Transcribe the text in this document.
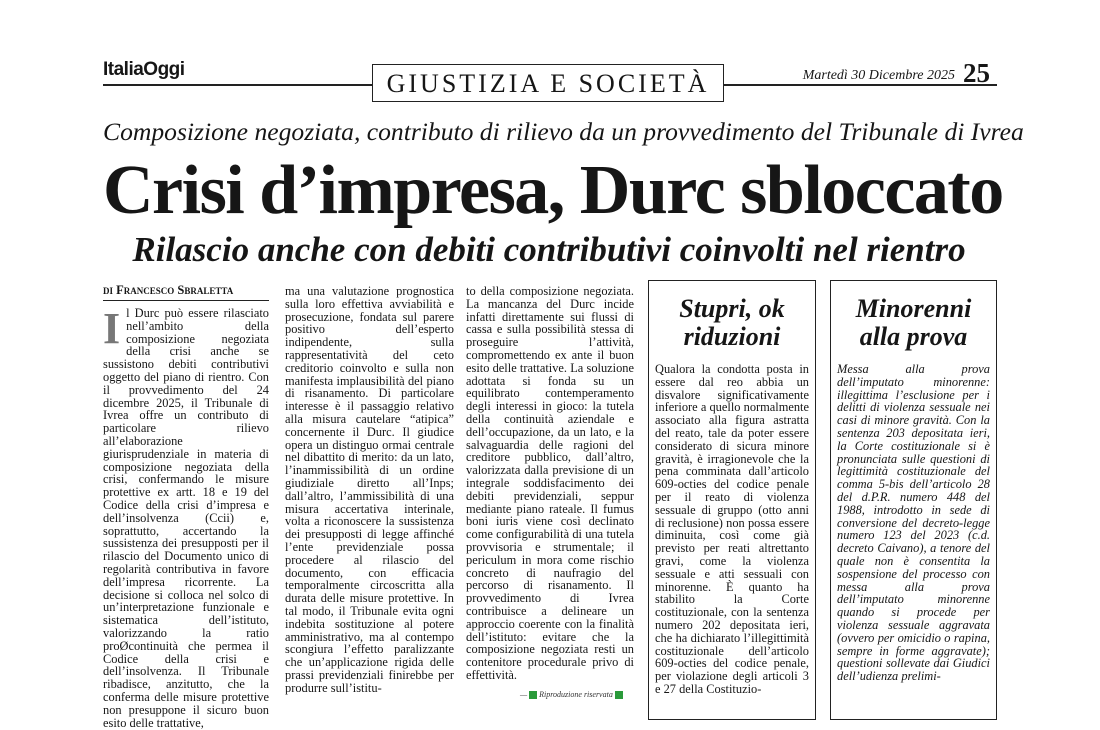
ItaliaOggi	GIUSTIZIA E SOCIETÀ	Martedì 30 Dicembre 2025 25
Composizione negoziata, contributo di rilievo da un provvedimento del Tribunale di Ivrea
Crisi d’impresa, Durc sbloccato
Rilascio anche con debiti contributivi coinvolti nel rientro
di Francesco Sbraletta
I l Durc può essere rilasciato nell’ambito della composizione negoziata della crisi anche se sussistono debiti contributivi oggetto del piano di rientro. Con il provvedimento del 24 dicembre 2025, il Tribunale di Ivrea offre un contributo di particolare rilievo all’elaborazione giurisprudenziale in materia di composizione negoziata della crisi, confermando le misure protettive ex artt. 18 e 19 del Codice della crisi d’impresa e dell’insolvenza (Ccii) e, soprattutto, accertando la sussistenza dei presupposti per il rilascio del Documento unico di regolarità contributiva in favore dell’impresa ricorrente. La decisione si colloca nel solco di un’interpretazione funzionale e sistematica dell’istituto, valorizzando la ratio proØcontinuità che permea il Codice della crisi e dell’insolvenza. Il Tribunale ribadisce, anzitutto, che la conferma delle misure protettive non presuppone il sicuro buon esito delle trattative,

ma una valutazione prognostica sulla loro effettiva avviabilità e prosecuzione, fondata sul parere positivo dell’esperto indipendente, sulla rappresentatività del ceto creditorio coinvolto e sulla non manifesta implausibilità del piano di risanamento. Di particolare interesse è il passaggio relativo alla misura cautelare “atipica” concernente il Durc. Il giudice opera un distinguo ormai centrale nel dibattito di merito: da un lato, l’inammissibilità di un ordine giudiziale diretto all’Inps; dall’altro, l’ammissibilità di una misura accertativa interinale, volta a riconoscere la sussistenza dei presupposti di legge affinché l’ente previdenziale possa procedere al rilascio del documento, con efficacia temporalmente circoscritta alla durata delle misure protettive. In tal modo, il Tribunale evita ogni indebita sostituzione al potere amministrativo, ma al contempo scongiura l’effetto paralizzante che un’applicazione rigida delle prassi previdenziali finirebbe per produrre sull’istitu-

to della composizione negoziata. La mancanza del Durc incide infatti direttamente sui flussi di cassa e sulla possibilità stessa di proseguire l’attività, compromettendo ex ante il buon esito delle trattative. La soluzione adottata si fonda su un equilibrato contemperamento degli interessi in gioco: la tutela della continuità aziendale e dell’occupazione, da un lato, e la salvaguardia delle ragioni del creditore pubblico, dall’altro, valorizzata dalla previsione di un integrale soddisfacimento dei debiti previdenziali, seppur mediante piano rateale. Il fumus boni iuris viene così declinato come configurabilità di una tutela provvisoria e strumentale; il periculum in mora come rischio concreto di naufragio del percorso di risanamento. Il provvedimento di Ivrea contribuisce a delineare un approccio coerente con la finalità dell’istituto: evitare che la composizione negoziata resti un contenitore procedurale privo di effettività.

— Riproduzione riservata
Stupri, ok riduzioni
Qualora la condotta posta in essere dal reo abbia un disvalore significativamente inferiore a quello normalmente associato alla figura astratta del reato, tale da poter essere considerato di sicura minore gravità, è irragionevole che la pena comminata dall’articolo 609-octies del codice penale per il reato di violenza sessuale di gruppo (otto anni di reclusione) non possa essere diminuita, così come già previsto per reati altrettanto gravi, come la violenza sessuale e atti sessuali con minorenne. È quanto ha stabilito la Corte costituzionale, con la sentenza numero 202 depositata ieri, che ha dichiarato l’illegittimità costituzionale dell’articolo 609-octies del codice penale, per violazione degli articoli 3 e 27 della Costituzio-
Minorenni alla prova
Messa alla prova dell’imputato minorenne: illegittima l’esclusione per i delitti di violenza sessuale nei casi di minore gravità. Con la sentenza 203 depositata ieri, la Corte costituzionale si è pronunciata sulle questioni di legittimità costituzionale del comma 5-bis dell’articolo 28 del d.P.R. numero 448 del 1988, introdotto in sede di conversione del decreto-legge numero 123 del 2023 (c.d. decreto Caivano), a tenore del quale non è consentita la sospensione del processo con messa alla prova dell’imputato minorenne quando si procede per violenza sessuale aggravata (ovvero per omicidio o rapina, sempre in forme aggravate); questioni sollevate dai Giudici dell’udienza prelimi-
